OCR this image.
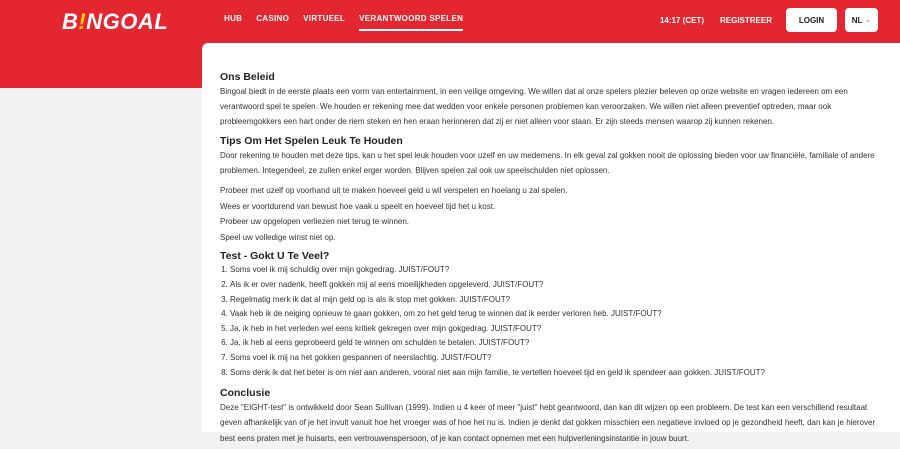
B!NGOAL	HUB CASINO VIRTUEEL VERANTWOORD SPELEN	14:17 (CET) REGISTREER	LOGIN	NL ⌄
Ons Beleid

Bingoal biedt in de eerste plaats een vorm van entertainment, in een veilige omgeving. We willen dat al onze spelers plezier beleven op onze website en vragen iedereen om een verantwoord spel te spelen. We houden er rekening mee dat wedden voor enkele personen problemen kan veroorzaken. We willen niet alleen preventief optreden, maar ook probleemgokkers een hart onder de riem steken en hen eraan herinneren dat zij er niet alleen voor staan. Er zijn steeds mensen waarop zij kunnen rekenen.

Tips Om Het Spelen Leuk Te Houden

Door rekening te houden met deze tips, kan u het spel leuk houden voor uzelf en uw medemens. In elk geval zal gokken nooit de oplossing bieden voor uw financiële, familiale of andere problemen. Integendeel, ze zullen enkel erger worden. Blijven spelen zal ook uw speelschulden niet oplossen.

Probeer met uzelf op voorhand uit te maken hoeveel geld u wil verspelen en hoelang u zal spelen.

Wees er voortdurend van bewust hoe vaak u speelt en hoeveel tijd het u kost.

Probeer uw opgelopen verliezen niet terug te winnen.

Speel uw volledige winst niet op.

Test - Gokt U Te Veel?
1. Soms voel ik mij schuldig over mijn gokgedrag. JUIST/FOUT?
2. Als ik er over nadenk, heeft gokken mij al eens moeilijkheden opgeleverd. JUIST/FOUT?
3. Regelmatig merk ik dat al mijn geld op is als ik stop met gokken. JUIST/FOUT?
4. Vaak heb ik de neiging opnieuw te gaan gokken, om zo het geld terug te winnen dat ik eerder verloren heb. JUIST/FOUT?
5. Ja, ik heb in het verleden wel eens kritiek gekregen over mijn gokgedrag. JUIST/FOUT?
6. Ja, ik heb al eens geprobeerd geld te winnen om schulden te betalen. JUIST/FOUT?
7. Soms voel ik mij na het gokken gespannen of neerslachtig. JUIST/FOUT?
8. Soms denk ik dat het beter is om niet aan anderen, vooral niet aan mijn familie, te vertellen hoeveel tijd en geld ik spendeer aan gokken. JUIST/FOUT?
Conclusie

Deze "EIGHT-test" is ontwikkeld door Sean Sullivan (1999). Indien u 4 keer of meer "juist" hebt geantwoord, dan kan dit wijzen op een probleem. De test kan een verschillend resultaat geven afhankelijk van of je het invult vanuit hoe het vroeger was of hoe het nu is. Indien je denkt dat gokken misschien een negatieve invloed op je gezondheid heeft, dan kan je hierover best eens praten met je huisarts, een vertrouwenspersoon, of je kan contact opnemen met een hulpverleningsinstantie in jouw buurt.
